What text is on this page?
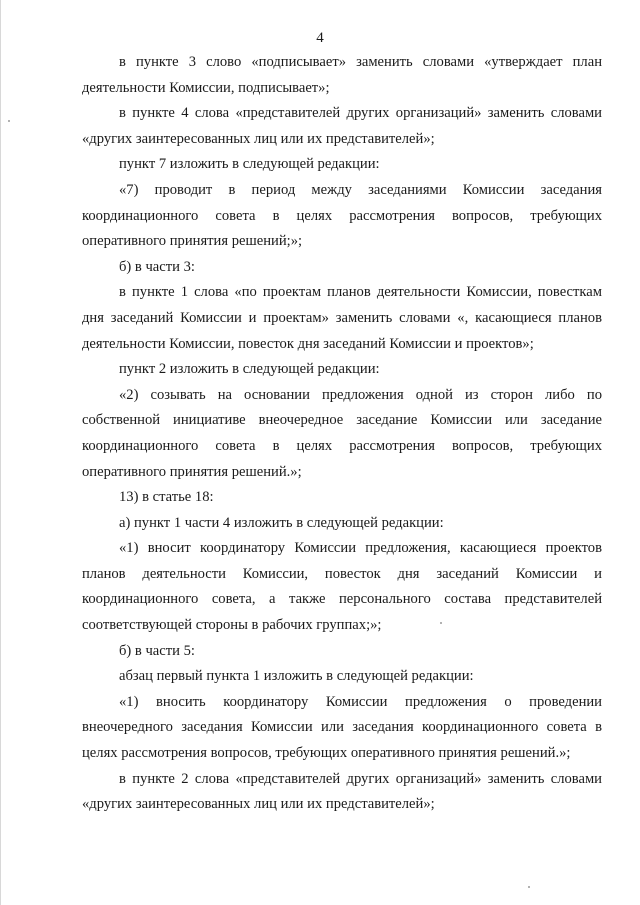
4

в пункте 3 слово «подписывает» заменить словами «утверждает план деятельности Комиссии, подписывает»;

в пункте 4 слова «представителей других организаций» заменить словами «других заинтересованных лиц или их представителей»;

пункт 7 изложить в следующей редакции:

«7) проводит в период между заседаниями Комиссии заседания координационного совета в целях рассмотрения вопросов, требующих оперативного принятия решений;»;

б) в части 3:

в пункте 1 слова «по проектам планов деятельности Комиссии, повесткам дня заседаний Комиссии и проектам» заменить словами «, касающиеся планов деятельности Комиссии, повесток дня заседаний Комиссии и проектов»;

пункт 2 изложить в следующей редакции:

«2) созывать на основании предложения одной из сторон либо по собственной инициативе внеочередное заседание Комиссии или заседание координационного совета в целях рассмотрения вопросов, требующих оперативного принятия решений.»;

13) в статье 18:

а) пункт 1 части 4 изложить в следующей редакции:

«1) вносит координатору Комиссии предложения, касающиеся проектов планов деятельности Комиссии, повесток дня заседаний Комиссии и координационного совета, а также персонального состава представителей соответствующей стороны в рабочих группах;»;

б) в части 5:

абзац первый пункта 1 изложить в следующей редакции:

«1) вносить координатору Комиссии предложения о проведении внеочередного заседания Комиссии или заседания координационного совета в целях рассмотрения вопросов, требующих оперативного принятия решений.»;

в пункте 2 слова «представителей других организаций» заменить словами «других заинтересованных лиц или их представителей»;
